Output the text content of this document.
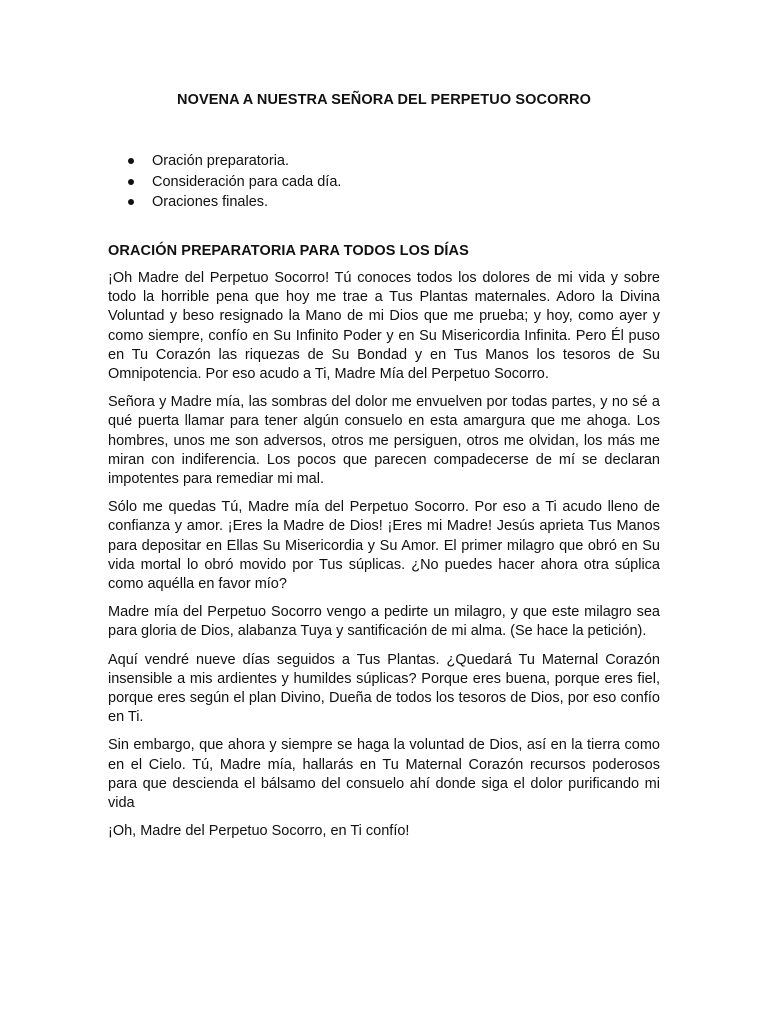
NOVENA A NUESTRA SEÑORA DEL PERPETUO SOCORRO
Oración preparatoria.
Consideración para cada día.
Oraciones finales.
ORACIÓN PREPARATORIA PARA TODOS LOS DÍAS

¡Oh Madre del Perpetuo Socorro! Tú conoces todos los dolores de mi vida y sobre todo la horrible pena que hoy me trae a Tus Plantas maternales. Adoro la Divina Voluntad y beso resignado la Mano de mi Dios que me prueba; y hoy, como ayer y como siempre, confío en Su Infinito Poder y en Su Misericordia Infinita. Pero Él puso en Tu Corazón las riquezas de Su Bondad y en Tus Manos los tesoros de Su Omnipotencia. Por eso acudo a Ti, Madre Mía del Perpetuo Socorro.

Señora y Madre mía, las sombras del dolor me envuelven por todas partes, y no sé a qué puerta llamar para tener algún consuelo en esta amargura que me ahoga. Los hombres, unos me son adversos, otros me persiguen, otros me olvidan, los más me miran con indiferencia. Los pocos que parecen compadecerse de mí se declaran impotentes para remediar mi mal.

Sólo me quedas Tú, Madre mía del Perpetuo Socorro. Por eso a Ti acudo lleno de confianza y amor. ¡Eres la Madre de Dios! ¡Eres mi Madre! Jesús aprieta Tus Manos para depositar en Ellas Su Misericordia y Su Amor. El primer milagro que obró en Su vida mortal lo obró movido por Tus súplicas. ¿No puedes hacer ahora otra súplica como aquélla en favor mío?

Madre mía del Perpetuo Socorro vengo a pedirte un milagro, y que este milagro sea para gloria de Dios, alabanza Tuya y santificación de mi alma. (Se hace la petición).

Aquí vendré nueve días seguidos a Tus Plantas. ¿Quedará Tu Maternal Corazón insensible a mis ardientes y humildes súplicas? Porque eres buena, porque eres fiel, porque eres según el plan Divino, Dueña de todos los tesoros de Dios, por eso confío en Ti.

Sin embargo, que ahora y siempre se haga la voluntad de Dios, así en la tierra como en el Cielo. Tú, Madre mía, hallarás en Tu Maternal Corazón recursos poderosos para que descienda el bálsamo del consuelo ahí donde siga el dolor purificando mi vida

¡Oh, Madre del Perpetuo Socorro, en Ti confío!
